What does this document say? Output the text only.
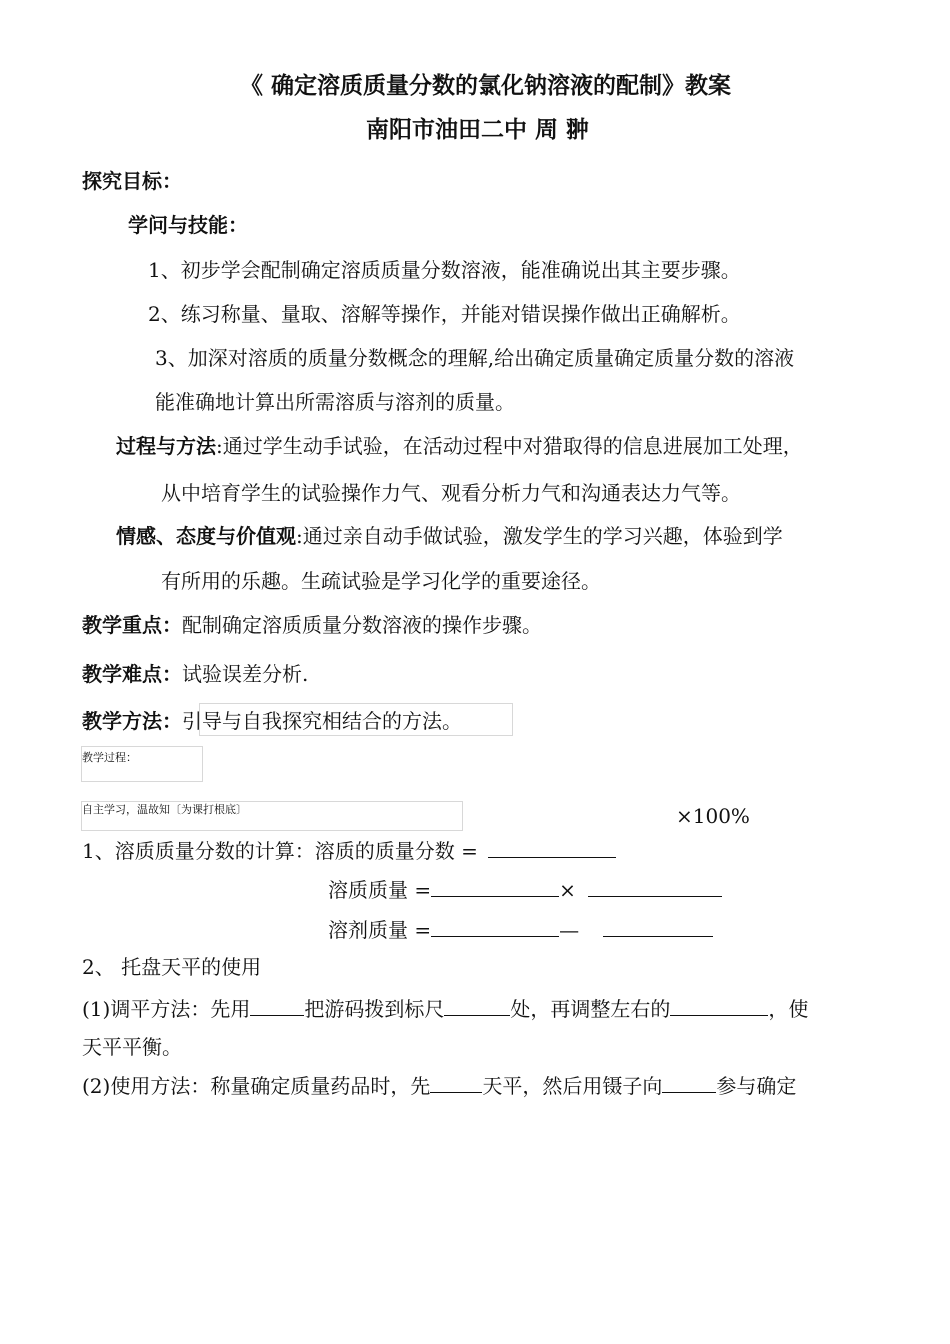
《 确定溶质质量分数的氯化钠溶液的配制》教案
南阳市油田二中 周 翀
探究目标：
学问与技能：
1、初步学会配制确定溶质质量分数溶液，能准确说出其主要步骤。
2、练习称量、量取、溶解等操作，并能对错误操作做出正确解析。
3、加深对溶质的质量分数概念的理解,给出确定质量确定质量分数的溶液
能准确地计算出所需溶质与溶剂的质量。
过程与方法:通过学生动手试验，在活动过程中对猎取得的信息进展加工处理，
从中培育学生的试验操作力气、观看分析力气和沟通表达力气等。
情感、态度与价值观:通过亲自动手做试验，激发学生的学习兴趣，体验到学
有所用的乐趣。生疏试验是学习化学的重要途径。
教学重点：配制确定溶质质量分数溶液的操作步骤。
教学难点：试验误差分析.
教学方法：引导与自我探究相结合的方法。
教学过程：
自主学习，温故知〔为课打根底〕	×100%
1、溶质质量分数的计算：溶质的质量分数 =
溶质质量 =	×
溶剂质量 =	—
2、 托盘天平的使用
(1)调平方法：先用	把游码拨到标尺	处，再调整左右的	，使
天平平衡。
(2)使用方法：称量确定质量药品时，先	天平，然后用镊子向	参与确定
